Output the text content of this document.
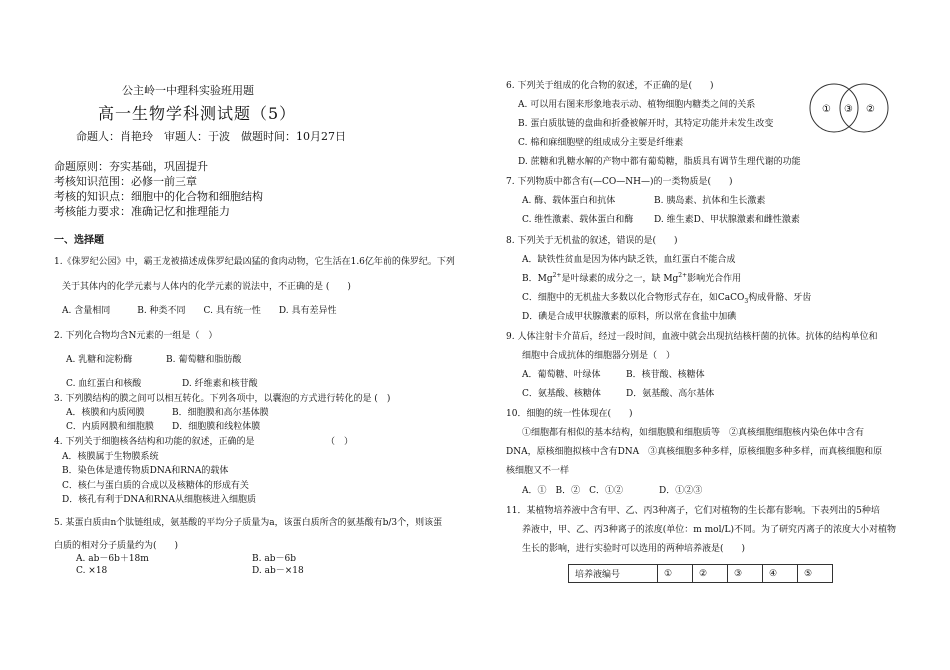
公主岭一中理科实验班用题
高一生物学科测试题（5）
命题人：肖艳玲　审题人：于波　做题时间：10月27日
命题原则：夯实基础，巩固提升
考核知识范围：必修一前三章
考核的知识点：细胞中的化合物和细胞结构
考核能力要求：准确记忆和推理能力
一、选择题
1.《侏罗纪公园》中，霸王龙被描述成侏罗纪最凶猛的食肉动物，它生活在1.6亿年前的侏罗纪。下列
关于其体内的化学元素与人体内的化学元素的说法中，不正确的是 (　　)
A. 含量相同　　　B. 种类不同　　C. 具有统一性　　D. 具有差异性
2. 下列化合物均含N元素的一组是（　）
A. 乳糖和淀粉酶	B. 葡萄糖和脂肪酸
C. 血红蛋白和核酸	D. 纤维素和核苷酸
3. 下列膜结构的膜之间可以相互转化。下列各项中，以囊泡的方式进行转化的是 (　)
A．核膜和内质网膜	B．细胞膜和高尔基体膜
C．内质网膜和细胞膜 D．细胞膜和线粒体膜
4. 下列关于细胞核各结构和功能的叙述，正确的是	（　）
A．核膜属于生物膜系统
B．染色体是遗传物质DNA和RNA的载体
C．核仁与蛋白质的合成以及核糖体的形成有关
D．核孔有利于DNA和RNA从细胞核进入细胞质
5. 某蛋白质由n个肽链组成，氨基酸的平均分子质量为a，该蛋白质所含的氨基酸有b/3个，则该蛋
白质的相对分子质量约为(　　)
A. ab－6b＋18m	B. ab－6b
C. ×18	D. ab－×18
6. 下列关于组成的化合物的叙述，不正确的是(　　)
A. 可以用右图来形象地表示动、植物细胞内糖类之间的关系
B. 蛋白质肽链的盘曲和折叠被解开时，其特定功能并未发生改变
C. 棉和麻细胞壁的组成成分主要是纤维素
D. 蔗糖和乳糖水解的产物中都有葡萄糖，脂质具有调节生理代谢的功能
① ③ ②
7. 下列物质中都含有(—CO—NH—)的一类物质是(　　)
A. 酶、载体蛋白和抗体	B. 胰岛素、抗体和生长激素
C. 维性激素、载体蛋白和酶 D. 维生素D、甲状腺激素和雌性激素
8. 下列关于无机盐的叙述，错误的是(　　)
A．缺铁性贫血是因为体内缺乏铁，血红蛋白不能合成
B．$Mg^{2+}$是叶绿素的成分之一，缺 $Mg^{2+}$影响光合作用
C．细胞中的无机盐大多数以化合物形式存在，如CaCO$_3$构成骨骼、牙齿
D．碘是合成甲状腺激素的原料，所以常在食盐中加碘
9. 人体注射卡介苗后，经过一段时间，血液中就会出现抗结核杆菌的抗体。抗体的结构单位和
细胞中合成抗体的细胞器分别是（　）
A．葡萄糖、叶绿体	B．核苷酸、核糖体
C．氨基酸、核糖体	D．氨基酸、高尔基体
10．细胞的统一性体现在(　　)
①细胞都有相似的基本结构，如细胞膜和细胞质等　②真核细胞细胞核内染色体中含有
DNA，原核细胞拟核中含有DNA　③真核细胞多种多样，原核细胞多种多样，而真核细胞和原
核细胞又不一样
A．①　B．②　C．①②　　　　D．①②③
11．某植物培养液中含有甲、乙、丙3种离子，它们对植物的生长都有影响。下表列出的5种培
养液中，甲、乙、丙3种离子的浓度(单位：m mol/L)不同。为了研究丙离子的浓度大小对植物
生长的影响，进行实验时可以选用的两种培养液是(　　)
培养液编号	①	②	③	④	⑤
